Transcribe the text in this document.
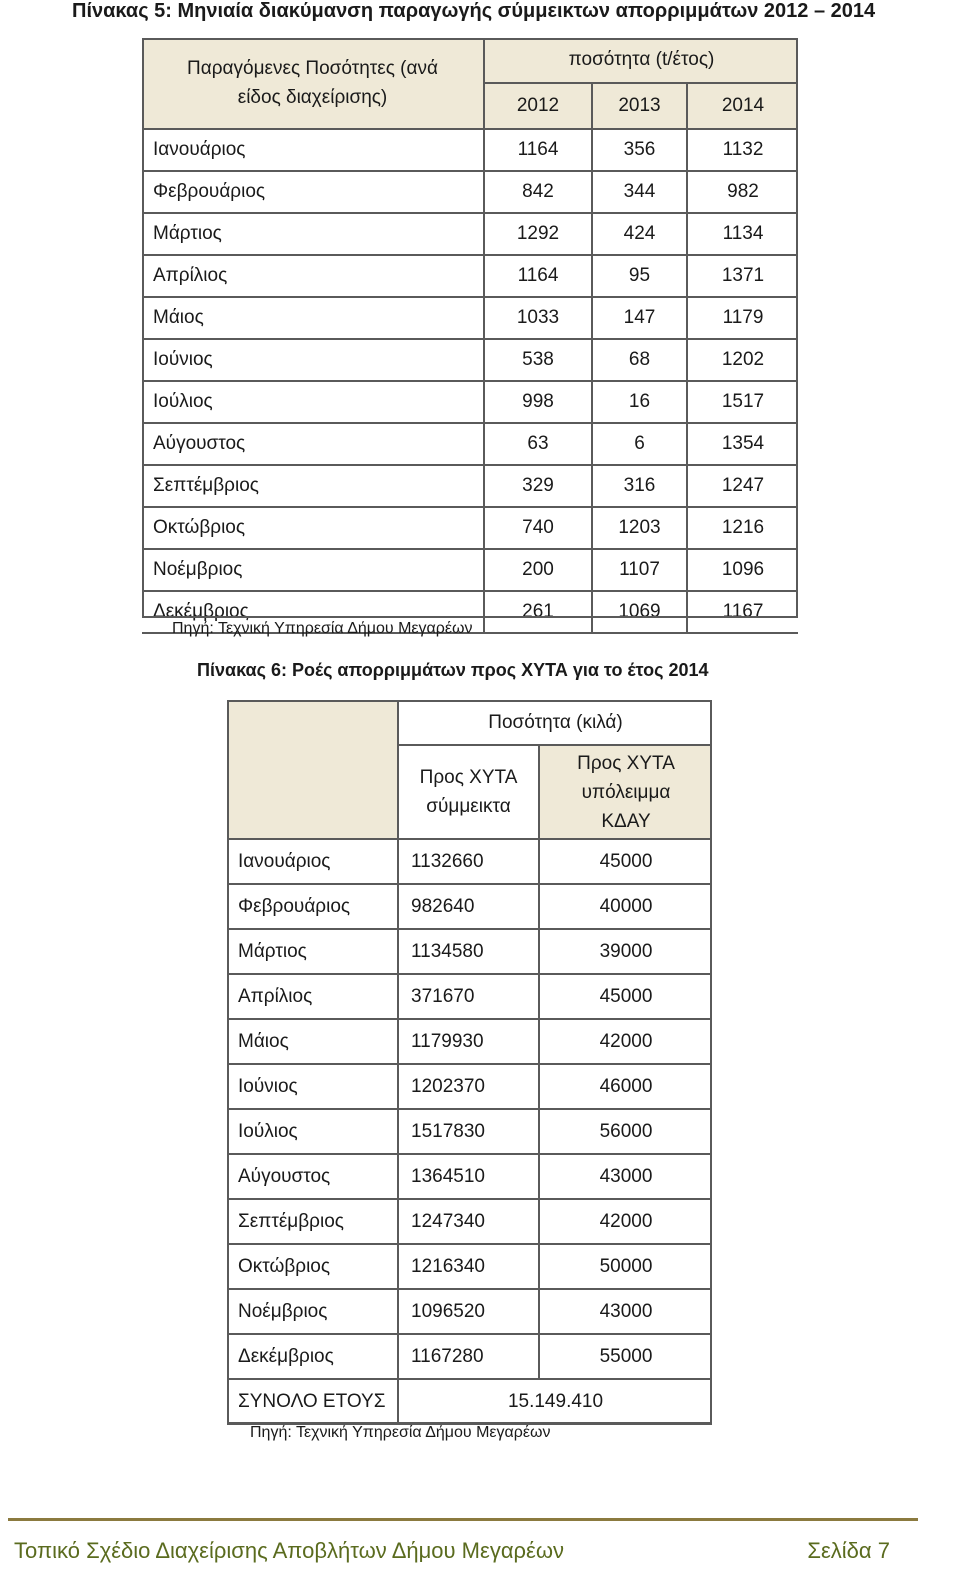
Πίνακας 5: Μηνιαία διακύμανση παραγωγής σύμμεικτων απορριμμάτων 2012 – 2014
Παραγόμενες Ποσότητες (ανά είδος διαχείρισης)	ποσότητα (t/έτος)		
	2012	2013	2014
Ιανουάριος	1164	356	1132
Φεβρουάριος	842	344	982
Μάρτιος	1292	424	1134
Απρίλιος	1164	95	1371
Μάιος	1033	147	1179
Ιούνιος	538	68	1202
Ιούλιος	998	16	1517
Αύγουστος	63	6	1354
Σεπτέμβριος	329	316	1247
Οκτώβριος	740	1203	1216
Νοέμβριος	200	1107	1096
Δεκέμβριος	261	1069	1167
Πηγή: Τεχνική Υπηρεσία Δήμου Μεγαρέων
Πίνακας 6: Ροές απορριμμάτων προς ΧΥΤΑ για το έτος 2014
	Ποσότητα (κιλά)	
	Προς ΧΥΤΑ σύμμεικτα	Προς ΧΥΤΑ υπόλειμμα ΚΔΑΥ
Ιανουάριος	1132660	45000
Φεβρουάριος	982640	40000
Μάρτιος	1134580	39000
Απρίλιος	371670	45000
Μάιος	1179930	42000
Ιούνιος	1202370	46000
Ιούλιος	1517830	56000
Αύγουστος	1364510	43000
Σεπτέμβριος	1247340	42000
Οκτώβριος	1216340	50000
Νοέμβριος	1096520	43000
Δεκέμβριος	1167280	55000
ΣΥΝΟΛΟ ΕΤΟΥΣ	15.149.410	
Πηγή: Τεχνική Υπηρεσία Δήμου Μεγαρέων
Τοπικό Σχέδιο Διαχείρισης Αποβλήτων Δήμου Μεγαρέων	Σελίδα 7
